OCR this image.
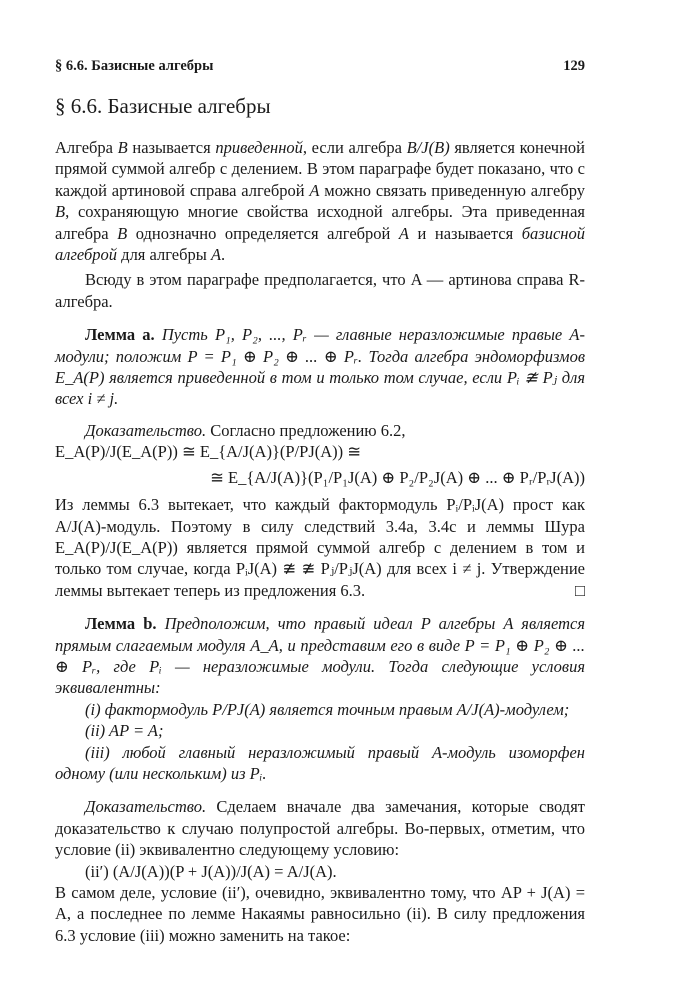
§ 6.6. Базисные алгебры	129
§ 6.6. Базисные алгебры

Алгебра B называется приведенной, если алгебра B/J(B) является конечной прямой суммой алгебр с делением. В этом параграфе будет показано, что с каждой артиновой справа алгеброй A можно связать приведенную алгебру B, сохраняющую многие свойства исходной алгебры. Эта приведенная алгебра B однозначно определяется алгеброй A и называется базисной алгеброй для алгебры A.

Всюду в этом параграфе предполагается, что A — артинова справа R-алгебра.

Лемма a. Пусть P₁, P₂, ..., Pᵣ — главные неразложимые правые A-модули; положим P = P₁ ⊕ P₂ ⊕ ... ⊕ Pᵣ. Тогда алгебра эндоморфизмов E_A(P) является приведенной в том и только том случае, если Pᵢ ≇ Pⱼ для всех i ≠ j.

Доказательство. Согласно предложению 6.2,

E_A(P)/J(E_A(P)) ≅ E_{A/J(A)}(P/PJ(A)) ≅
≅ E_{A/J(A)}(P₁/P₁J(A) ⊕ P₂/P₂J(A) ⊕ ... ⊕ Pᵣ/PᵣJ(A))

Из леммы 6.3 вытекает, что каждый фактормодуль Pᵢ/PᵢJ(A) прост как A/J(A)-модуль. Поэтому в силу следствий 3.4a, 3.4c и леммы Шура E_A(P)/J(E_A(P)) является прямой суммой алгебр с делением в том и только том случае, когда PᵢJ(A) ≇ ≇ Pⱼ/PⱼJ(A) для всех i ≠ j. Утверждение леммы вытекает теперь из предложения 6.3.	□

Лемма b. Предположим, что правый идеал P алгебры A является прямым слагаемым модуля A_A, и представим его в виде P = P₁ ⊕ P₂ ⊕ ... ⊕ Pᵣ, где Pᵢ — неразложимые модули. Тогда следующие условия эквивалентны:

(i) фактормодуль P/PJ(A) является точным правым A/J(A)-модулем;

(ii) AP = A;

(iii) любой главный неразложимый правый A-модуль изоморфен одному (или нескольким) из Pᵢ.

Доказательство. Сделаем вначале два замечания, которые сводят доказательство к случаю полупростой алгебры. Во-первых, отметим, что условие (ii) эквивалентно следующему условию:

(ii′) (A/J(A))(P + J(A))/J(A) = A/J(A).

В самом деле, условие (ii′), очевидно, эквивалентно тому, что AP + J(A) = A, а последнее по лемме Накаямы равносильно (ii). В силу предложения 6.3 условие (iii) можно заменить на такое:
